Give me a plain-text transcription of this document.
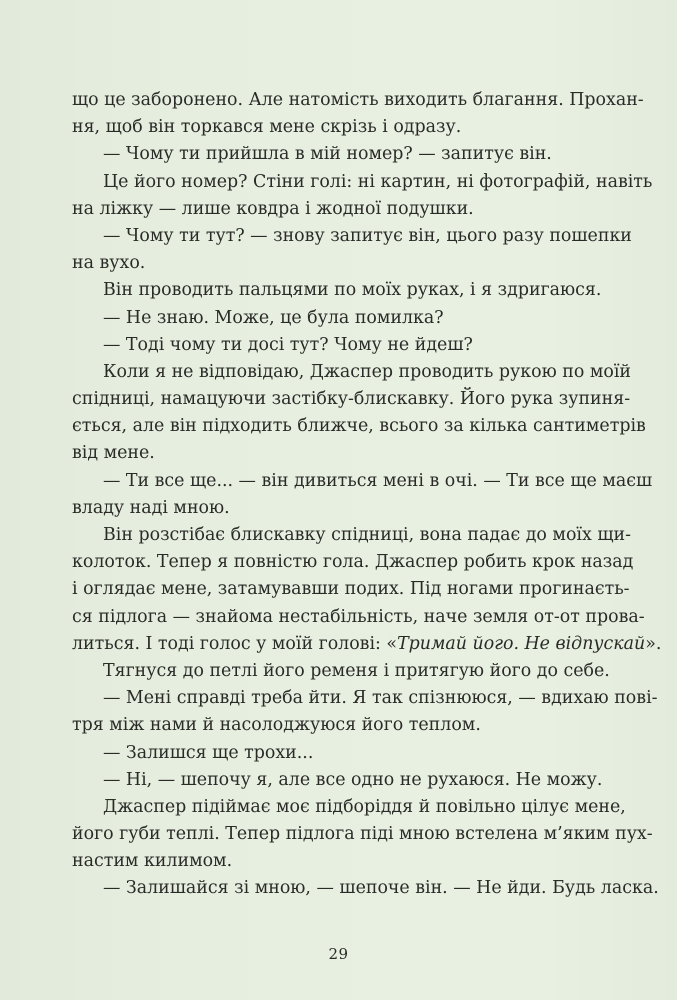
що це заборонено. Але натомість виходить благання. Прохан-
ня, щоб він торкався мене скрізь і одразу.
— Чому ти прийшла в мій номер? — запитує він.
Це його номер? Стіни голі: ні картин, ні фотографій, навіть
на ліжку — лише ковдра і жодної подушки.
— Чому ти тут? — знову запитує він, цього разу пошепки
на вухо.
Він проводить пальцями по моїх руках, і я здригаюся.
— Не знаю. Може, це була помилка?
— Тоді чому ти досі тут? Чому не йдеш?
Коли я не відповідаю, Джаспер проводить рукою по моїй
спідниці, намацуючи застібку-блискавку. Його рука зупиня-
ється, але він підходить ближче, всього за кілька сантиметрів
від мене.
— Ти все ще... — він дивиться мені в очі. — Ти все ще маєш
владу наді мною.
Він розстібає блискавку спідниці, вона падає до моїх щи-
колоток. Тепер я повністю гола. Джаспер робить крок назад
і оглядає мене, затамувавши подих. Під ногами прогинаєть-
ся підлога — знайома нестабільність, наче земля от-от прова-
литься. І тоді голос у моїй голові: «Тримай його. Не відпускай».
Тягнуся до петлі його ременя і притягую його до себе.
— Мені справді треба йти. Я так спізнююся, — вдихаю пові-
тря між нами й насолоджуюся його теплом.
— Залишся ще трохи...
— Ні, — шепочу я, але все одно не рухаюся. Не можу.
Джаспер підіймає моє підборіддя й повільно цілує мене,
його губи теплі. Тепер підлога піді мною встелена м’яким пух-
настим килимом.
— Залишайся зі мною, — шепоче він. — Не йди. Будь ласка.
29
